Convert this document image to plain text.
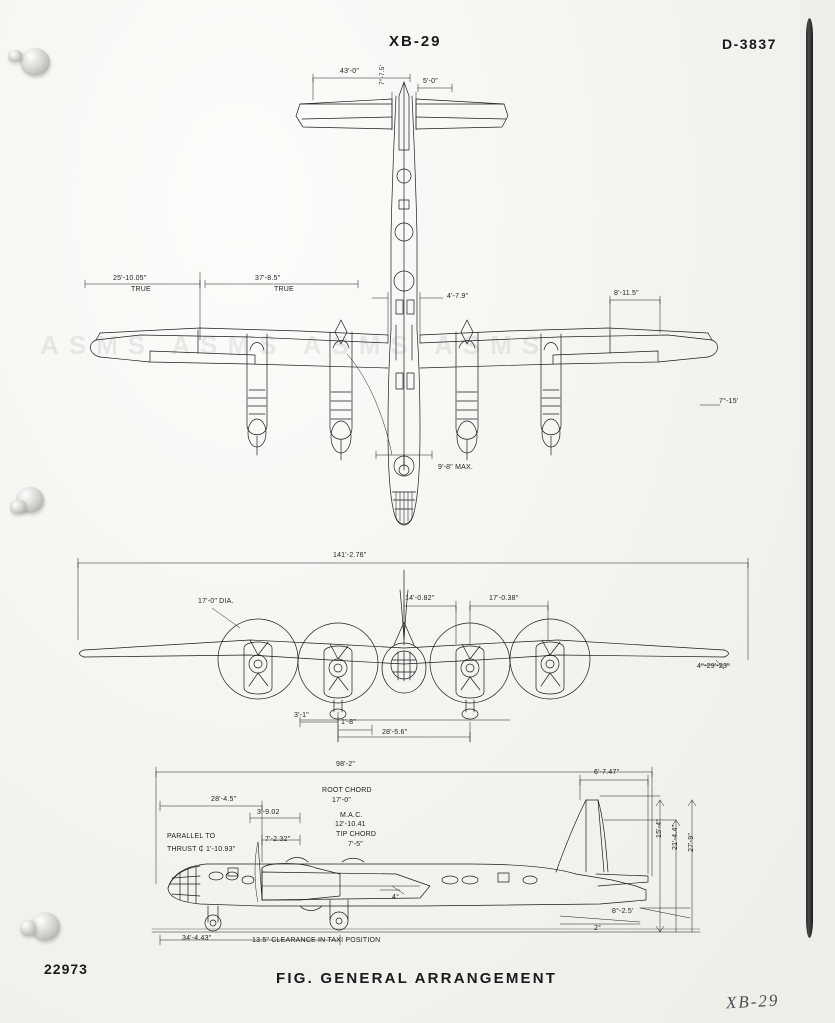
XB-29	D-3837
22973
FIG. GENERAL ARRANGEMENT
XB-29
ASMS ASMS ASMS ASMS
43'-0"	7°-7.5'	5'-0"
25'-10.05"
TRUE
37'-8.5"
TRUE
4'-7.9"	8'-11.5"
7°-15'
9'-8" MAX.
141'-2.76"
17'-0" DIA.	14'-0.82"	17'-0.38"
4°-29'-23"
3'-1"
1'-8"
28'-5.6"
98'-2"
28'-4.5"
3'-9.02
ROOT CHORD
17'-0"
M.A.C.
12'-10.41
TIP CHORD
7'-5"
PARALLEL TO
THRUST ₵ 1'-10.93"
7'-2.32"
6'-7.47"
15'-4" 21'-4.4" 27'-9"
34'-4.43"	13.5" CLEARANCE IN TAXI POSITION
2°
8°-2.5'
4°
